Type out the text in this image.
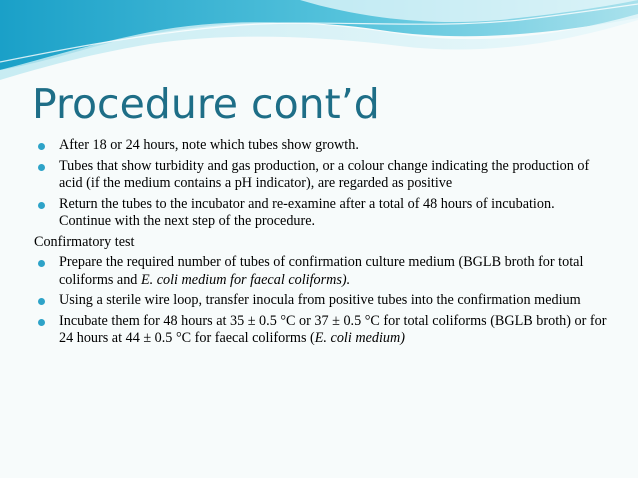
Procedure cont’d
After 18 or 24 hours, note which tubes show growth.
Tubes that show turbidity and gas production, or a colour change indicating the production of acid (if the medium contains a pH indicator), are regarded as positive
Return the tubes to the incubator and re-examine after a total of 48 hours of incubation. Continue with the next step of the procedure.
Confirmatory test
Prepare the required number of tubes of confirmation culture medium (BGLB broth for total coliforms and E. coli medium for faecal coliforms).
Using a sterile wire loop, transfer inocula from positive tubes into the confirmation medium
Incubate them for 48 hours at 35 ± 0.5 °C or 37 ± 0.5 °C for total coliforms (BGLB broth) or for 24 hours at 44 ± 0.5 °C for faecal coliforms (E. coli medium)
